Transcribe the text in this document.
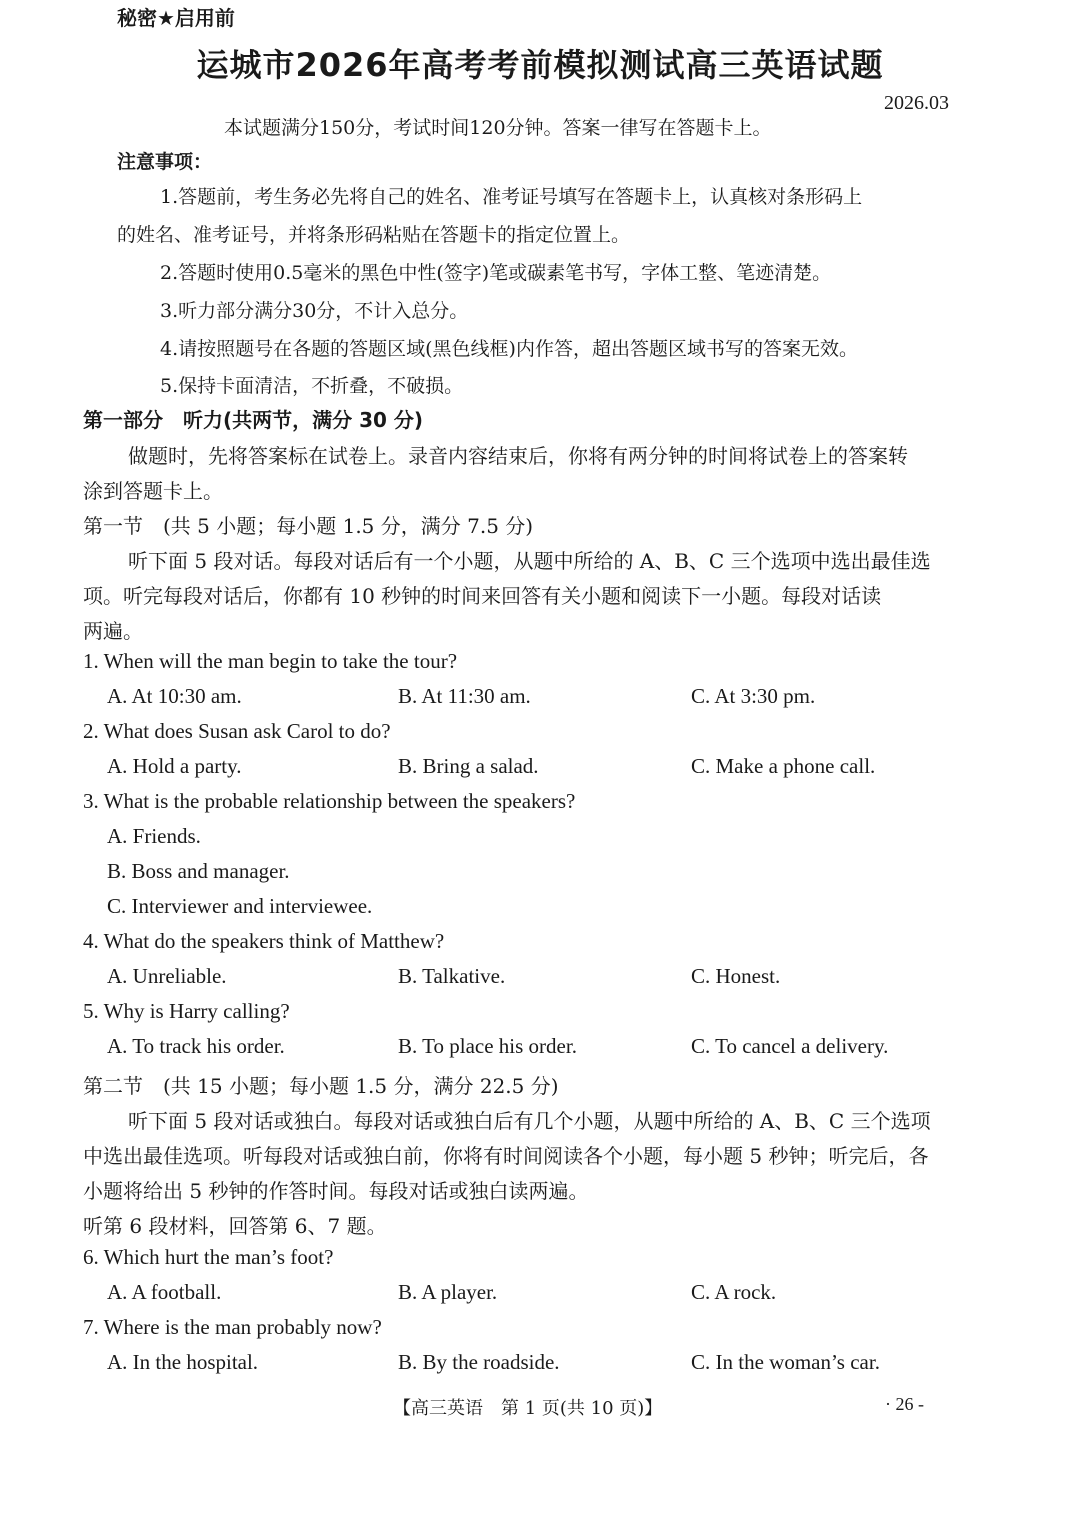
秘密★启用前
运城市2026年高考考前模拟测试高三英语试题
2026.03
本试题满分150分，考试时间120分钟。答案一律写在答题卡上。
注意事项：
1.答题前，考生务必先将自己的姓名、准考证号填写在答题卡上，认真核对条形码上
的姓名、准考证号，并将条形码粘贴在答题卡的指定位置上。
2.答题时使用0.5毫米的黑色中性(签字)笔或碳素笔书写，字体工整、笔迹清楚。
3.听力部分满分30分，不计入总分。
4.请按照题号在各题的答题区域(黑色线框)内作答，超出答题区域书写的答案无效。
5.保持卡面清洁，不折叠，不破损。
第一部分　听力(共两节，满分 30 分)
做题时，先将答案标在试卷上。录音内容结束后，你将有两分钟的时间将试卷上的答案转
涂到答题卡上。
第一节　(共 5 小题；每小题 1.5 分，满分 7.5 分)
听下面 5 段对话。每段对话后有一个小题，从题中所给的 A、B、C 三个选项中选出最佳选
项。听完每段对话后，你都有 10 秒钟的时间来回答有关小题和阅读下一小题。每段对话读
两遍。
1. When will the man begin to take the tour?
A. At 10:30 am.	B. At 11:30 am.	C. At 3:30 pm.
2. What does Susan ask Carol to do?
A. Hold a party.	B. Bring a salad.	C. Make a phone call.
3. What is the probable relationship between the speakers?
A. Friends.
B. Boss and manager.
C. Interviewer and interviewee.
4. What do the speakers think of Matthew?
A. Unreliable.	B. Talkative.	C. Honest.
5. Why is Harry calling?
A. To track his order.	B. To place his order.	C. To cancel a delivery.
第二节　(共 15 小题；每小题 1.5 分，满分 22.5 分)
听下面 5 段对话或独白。每段对话或独白后有几个小题，从题中所给的 A、B、C 三个选项
中选出最佳选项。听每段对话或独白前，你将有时间阅读各个小题，每小题 5 秒钟；听完后，各
小题将给出 5 秒钟的作答时间。每段对话或独白读两遍。
听第 6 段材料，回答第 6、7 题。
6. Which hurt the man’s foot?
A. A football.	B. A player.	C. A rock.
7. Where is the man probably now?
A. In the hospital.	B. By the roadside.	C. In the woman’s car.
【高三英语　第 1 页(共 10 页)】	· 26 -
